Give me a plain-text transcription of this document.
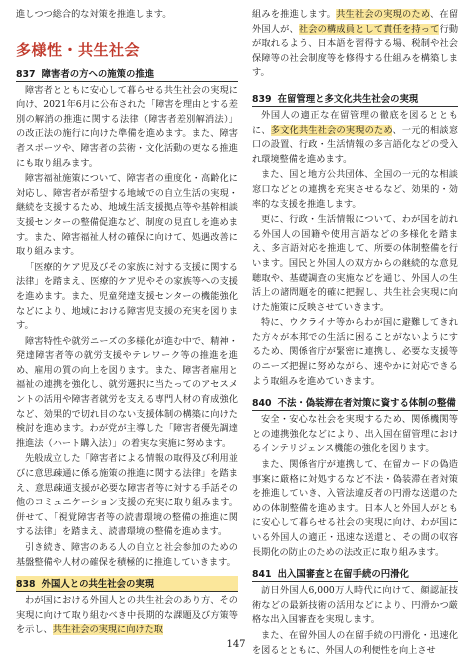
進しつつ総合的な対策を推進します。

多様性・共生社会
837 障害者の方への施策の推進

障害者とともに安心して暮らせる共生社会の実現に向け、2021年6月に公布された「障害を理由とする差別の解消の推進に関する法律（障害者差別解消法）」の改正法の施行に向けた準備を進めます。また、障害者スポーツや、障害者の芸術・文化活動の更なる推進にも取り組みます。

障害福祉施策について、障害者の重度化・高齢化に対応し、障害者が希望する地域での自立生活の実現・継続を支援するため、地域生活支援拠点等や基幹相談支援センターの整備促進など、制度の見直しを進めます。また、障害福祉人材の確保に向けて、処遇改善に取り組みます。

「医療的ケア児及びその家族に対する支援に関する法律」を踏まえ、医療的ケア児やその家族等への支援を進めます。また、児童発達支援センターの機能強化などにより、地域における障害児支援の充実を図ります。

障害特性や就労ニーズの多様化が進む中で、精神・発達障害者等の就労支援やテレワーク等の推進を進め、雇用の質の向上を図ります。また、障害者雇用と福祉の連携を強化し、就労選択に当たってのアセスメントの活用や障害者就労を支える専門人材の育成強化など、効果的で切れ目のない支援体制の構築に向けた検討を進めます。わが党が主導した「障害者優先調達推進法（ハート購入法）」の着実な実施に努めます。

先般成立した「障害者による情報の取得及び利用並びに意思疎通に係る施策の推進に関する法律」を踏まえ、意思疎通支援が必要な障害者等に対する手話その他のコミュニケーション支援の充実に取り組みます。併せて、「視覚障害者等の読書環境の整備の推進に関する法律」を踏まえ、読書環境の整備を進めます。

引き続き、障害のある人の自立と社会参加のための基盤整備や人材の確保を積極的に推進していきます。

838 外国人との共生社会の実現

わが国における外国人との共生社会のあり方、その実現に向けて取り組むべき中長期的な課題及び方策等を示し、共生社会の実現に向けた取

組みを推進します。共生社会の実現のため、在留外国人が、社会の構成員として責任を持って行動が取れるよう、日本語を習得する場、税制や社会保障等の社会制度等を修得する仕組みを構築します。

839 在留管理と多文化共生社会の実現

外国人の適正な在留管理の徹底を図るとともに、多文化共生社会の実現のため、一元的相談窓口の設置、行政・生活情報の多言語化などの受入れ環境整備を進めます。

また、国と地方公共団体、全国の一元的な相談窓口などとの連携を充実させるなど、効果的・効率的な支援を推進します。

更に、行政・生活情報について、わが国を訪れる外国人の国籍や使用言語などの多様化を踏まえ、多言語対応を推進して、所要の体制整備を行います。国民と外国人の双方からの継続的な意見聴取や、基礎調査の実施などを通じ、外国人の生活上の諸問題を的確に把握し、共生社会実現に向けた施策に反映させていきます。

特に、ウクライナ等からわが国に避難してきれた方々が本邦での生活に困ることがないようにするため、関係省庁が緊密に連携し、必要な支援等のニーズ把握に努めながら、速やかに対応できるよう取組みを進めていきます。

840 不法・偽装滞在者対策に資する体制の整備

安全・安心な社会を実現するため、関係機関等との連携強化などにより、出入国在留管理におけるインテリジェンス機能の強化を図ります。

また、関係省庁が連携して、在留カードの偽造事案に厳格に対処するなど不法・偽装滞在者対策を推進していき、入管法違反者の円滑な送還のための体制整備を進めます。日本人と外国人がともに安心して暮らせる社会の実現に向け、わが国にいる外国人の適正・迅速な送還と、その間の収容長期化の防止のための法改正に取り組みます。

841 出入国審査と在留手続の円滑化

訪日外国人6,000万人時代に向けて、顔認証技術などの最新技術の活用などにより、円滑かつ厳格な出入国審査を実現します。

また、在留外国人の在留手続の円滑化・迅速化を図るとともに、外国人の利便性を向上させ

147
